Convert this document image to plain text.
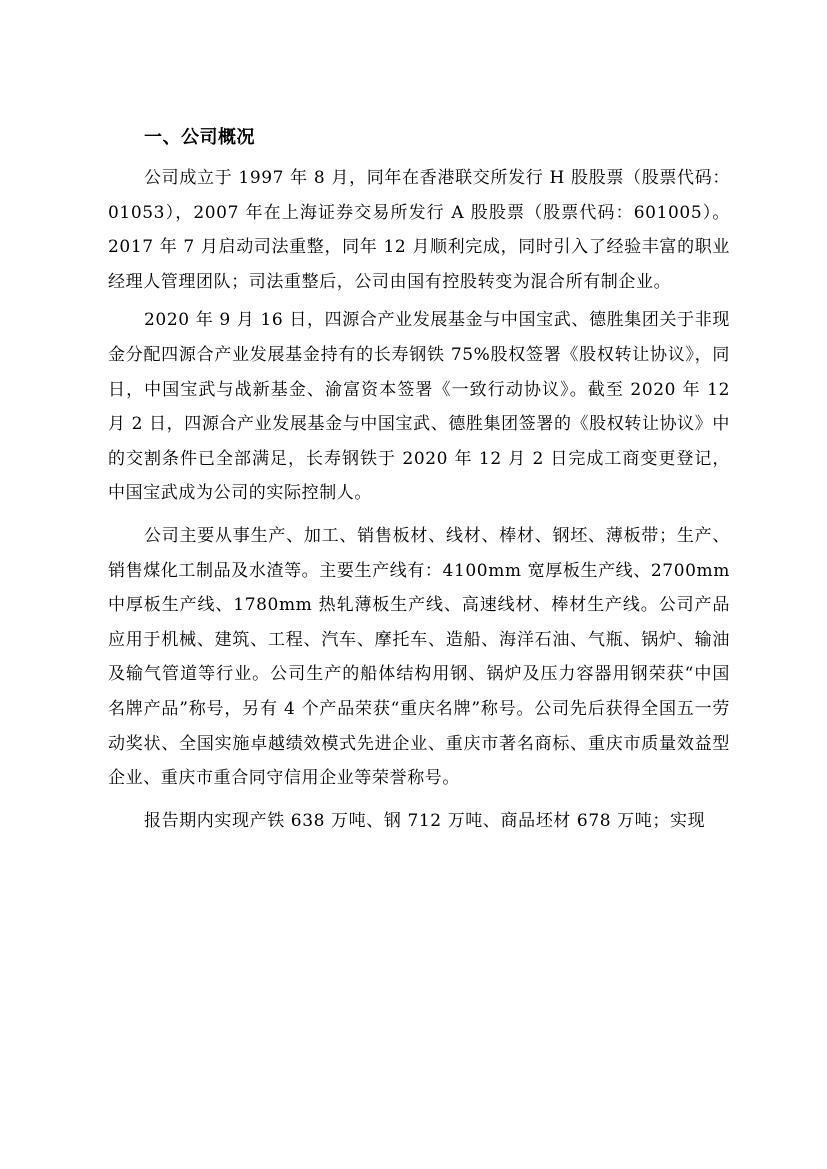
一、公司概况

公司成立于 1997 年 8 月，同年在香港联交所发行 H 股股票（股票代码：01053），2007 年在上海证券交易所发行 A 股股票（股票代码：601005）。2017 年 7 月启动司法重整，同年 12 月顺利完成，同时引入了经验丰富的职业经理人管理团队；司法重整后，公司由国有控股转变为混合所有制企业。

2020 年 9 月 16 日，四源合产业发展基金与中国宝武、德胜集团关于非现金分配四源合产业发展基金持有的长寿钢铁 75%股权签署《股权转让协议》，同日，中国宝武与战新基金、渝富资本签署《一致行动协议》。截至 2020 年 12 月 2 日，四源合产业发展基金与中国宝武、德胜集团签署的《股权转让协议》中的交割条件已全部满足，长寿钢铁于 2020 年 12 月 2 日完成工商变更登记，中国宝武成为公司的实际控制人。

公司主要从事生产、加工、销售板材、线材、棒材、钢坯、薄板带；生产、销售煤化工制品及水渣等。主要生产线有：4100mm 宽厚板生产线、2700mm 中厚板生产线、1780mm 热轧薄板生产线、高速线材、棒材生产线。公司产品应用于机械、建筑、工程、汽车、摩托车、造船、海洋石油、气瓶、锅炉、输油及输气管道等行业。公司生产的船体结构用钢、锅炉及压力容器用钢荣获“中国名牌产品”称号，另有 4 个产品荣获“重庆名牌”称号。公司先后获得全国五一劳动奖状、全国实施卓越绩效模式先进企业、重庆市著名商标、重庆市质量效益型企业、重庆市重合同守信用企业等荣誉称号。

报告期内实现产铁 638 万吨、钢 712 万吨、商品坯材 678 万吨；实现
